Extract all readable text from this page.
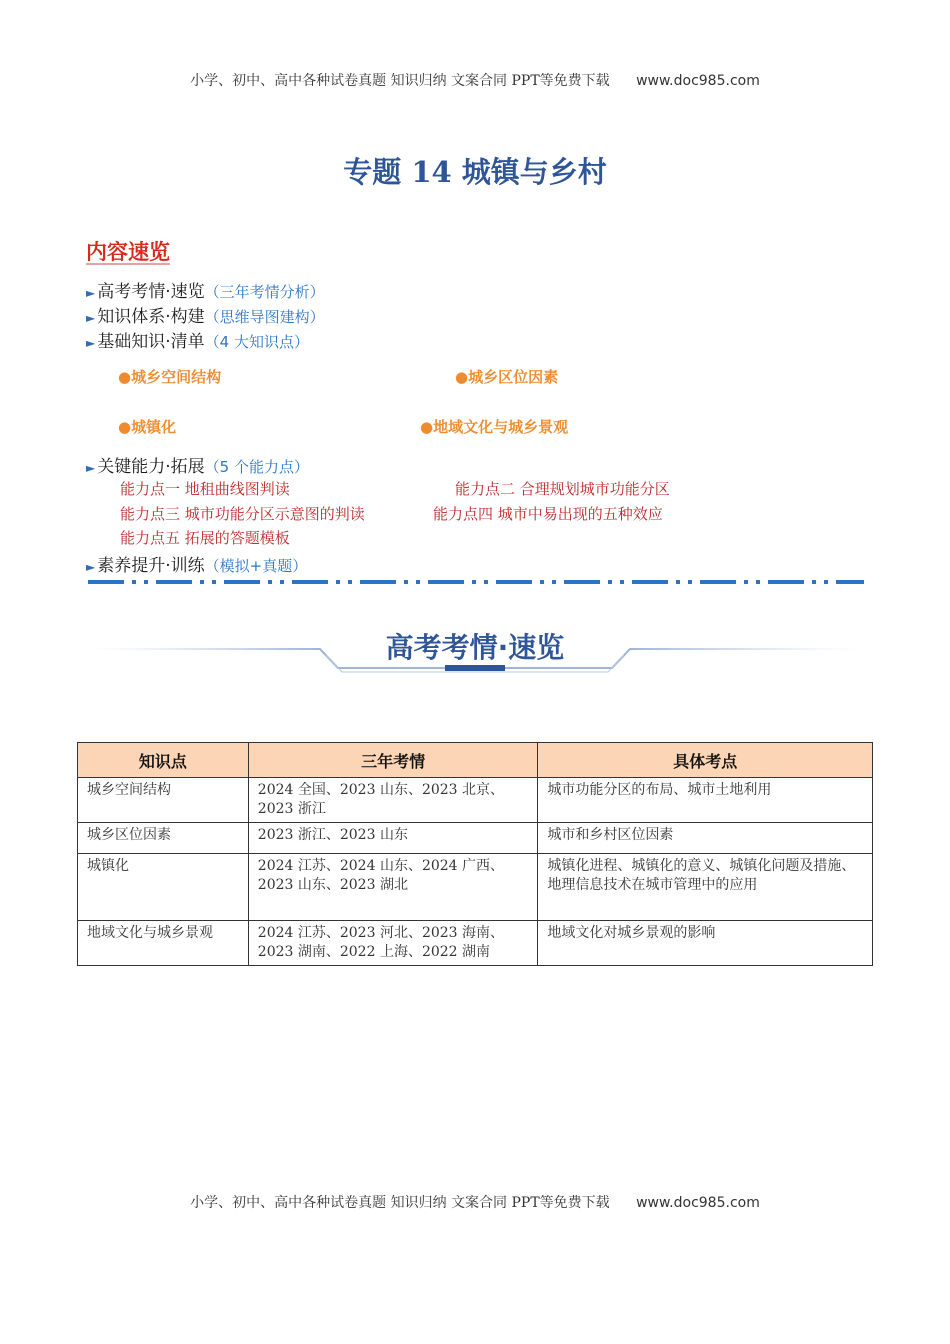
小学、初中、高中各种试卷真题 知识归纳 文案合同 PPT等免费下载 www.doc985.com
专题 14 城镇与乡村
内容速览
► 高考考情·速览（三年考情分析）
► 知识体系·构建（思维导图建构）
► 基础知识·清单（4 大知识点）
●城乡空间结构	●城乡区位因素
●城镇化	●地域文化与城乡景观
► 关键能力·拓展（5 个能力点）
能力点一 地租曲线图判读	能力点二 合理规划城市功能分区
能力点三 城市功能分区示意图的判读	能力点四 城市中易出现的五种效应
能力点五 拓展的答题模板
► 素养提升·训练（模拟+真题）
高考考情·速览
知识点	三年考情	具体考点
城乡空间结构	2024 全国、2023 山东、2023 北京、2023 浙江	城市功能分区的布局、城市土地利用
城乡区位因素	2023 浙江、2023 山东	城市和乡村区位因素
城镇化	2024 江苏、2024 山东、2024 广西、2023 山东、2023 湖北	城镇化进程、城镇化的意义、城镇化问题及措施、地理信息技术在城市管理中的应用
地域文化与城乡景观	2024 江苏、2023 河北、2023 海南、2023 湖南、2022 上海、2022 湖南	地域文化对城乡景观的影响
小学、初中、高中各种试卷真题 知识归纳 文案合同 PPT等免费下载 www.doc985.com
